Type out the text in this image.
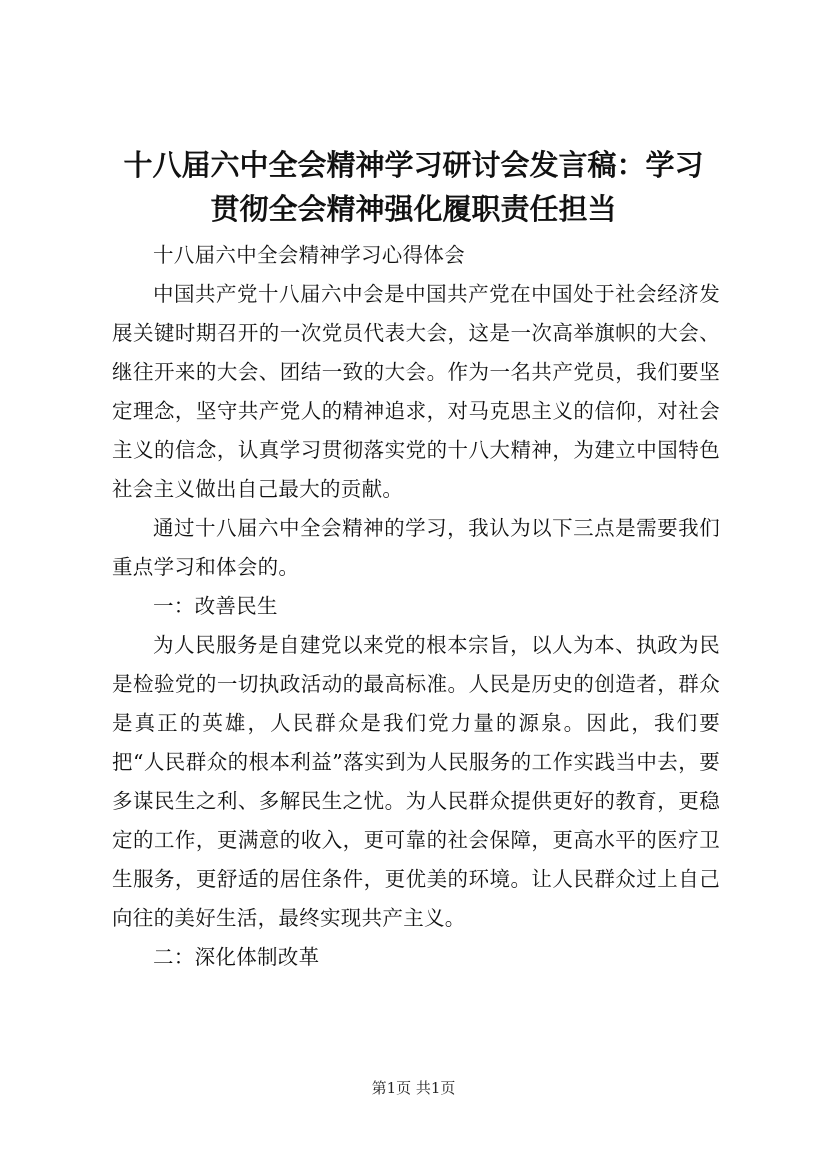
十八届六中全会精神学习研讨会发言稿：学习
贯彻全会精神强化履职责任担当

十八届六中全会精神学习心得体会

中国共产党十八届六中会是中国共产党在中国处于社会经济发展关键时期召开的一次党员代表大会，这是一次高举旗帜的大会、继往开来的大会、团结一致的大会。作为一名共产党员，我们要坚定理念，坚守共产党人的精神追求，对马克思主义的信仰，对社会主义的信念，认真学习贯彻落实党的十八大精神，为建立中国特色社会主义做出自己最大的贡献。

通过十八届六中全会精神的学习，我认为以下三点是需要我们重点学习和体会的。

一：改善民生

为人民服务是自建党以来党的根本宗旨，以人为本、执政为民是检验党的一切执政活动的最高标准。人民是历史的创造者，群众是真正的英雄，人民群众是我们党力量的源泉。因此，我们要把“人民群众的根本利益”落实到为人民服务的工作实践当中去，要多谋民生之利、多解民生之忧。为人民群众提供更好的教育，更稳定的工作，更满意的收入，更可靠的社会保障，更高水平的医疗卫生服务，更舒适的居住条件，更优美的环境。让人民群众过上自己向往的美好生活，最终实现共产主义。

二：深化体制改革

第1页 共1页
